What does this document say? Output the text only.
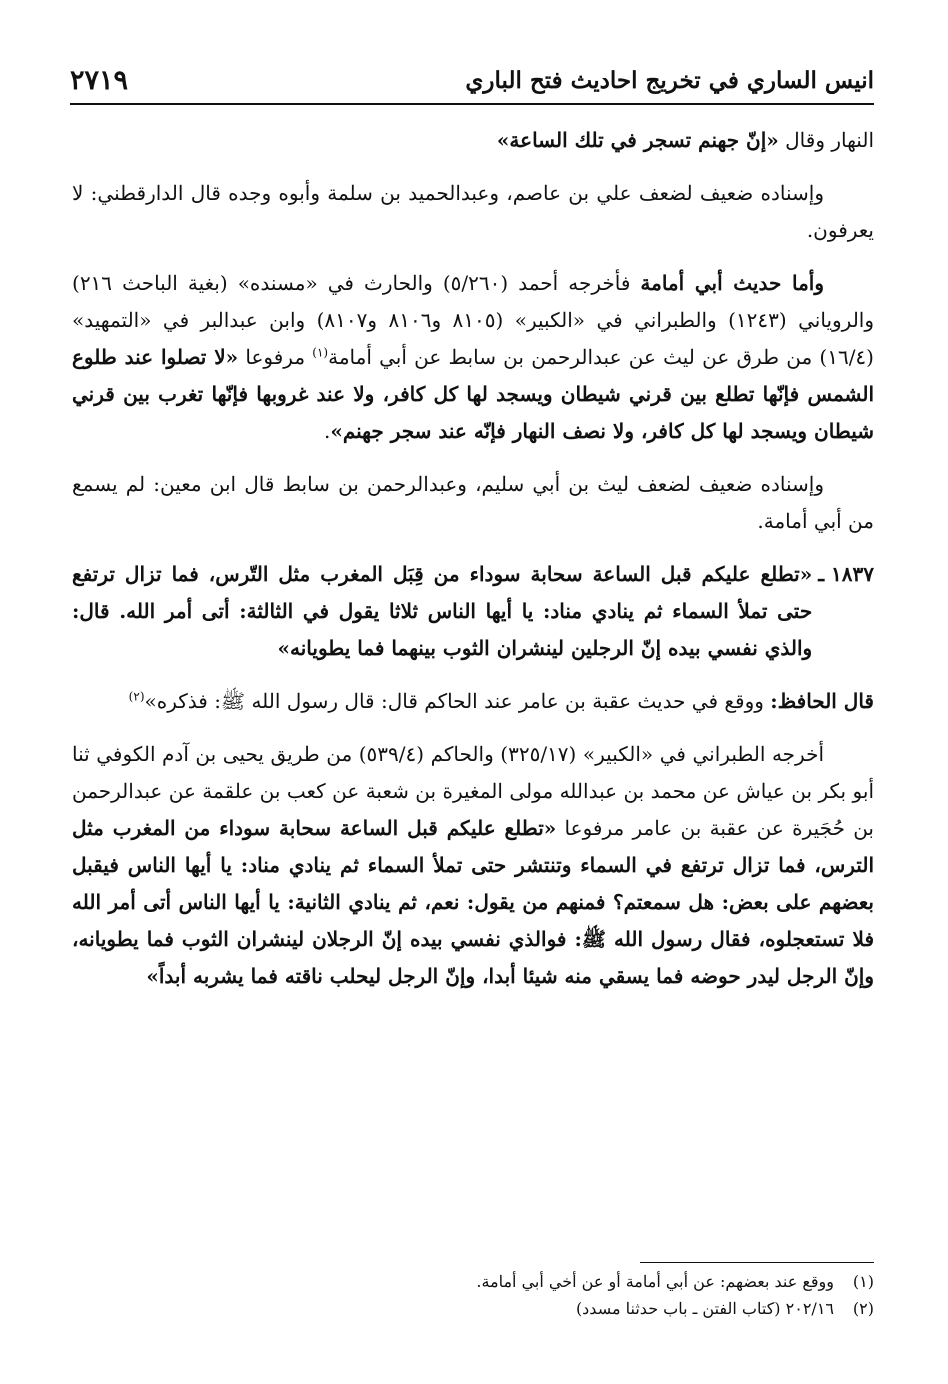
انيس الساري في تخريج احاديث فتح الباري
٢٧١٩

النهار وقال «إنّ جهنم تسجر في تلك الساعة»

وإسناده ضعيف لضعف علي بن عاصم، وعبدالحميد بن سلمة وأبوه وجده قال الدارقطني: لا يعرفون.

وأما حديث أبي أمامة فأخرجه أحمد (٥/٢٦٠) والحارث في «مسنده» (بغية الباحث ٢١٦) والروياني (١٢٤٣) والطبراني في «الكبير» (٨١٠٥ و٨١٠٦ و٨١٠٧) وابن عبدالبر في «التمهيد» (١٦/٤) من طرق عن ليث عن عبدالرحمن بن سابط عن أبي أمامة$^{(١)}$ مرفوعا «لا تصلوا عند طلوع الشمس فإنّها تطلع بين قرني شيطان ويسجد لها كل كافر، ولا عند غروبها فإنّها تغرب بين قرني شيطان ويسجد لها كل كافر، ولا نصف النهار فإنّه عند سجر جهنم».

وإسناده ضعيف لضعف ليث بن أبي سليم، وعبدالرحمن بن سابط قال ابن معين: لم يسمع من أبي أمامة.

١٨٣٧ ـ
«تطلع عليكم قبل الساعة سحابة سوداء من قِبَل المغرب مثل التّرس، فما تزال ترتفع حتى تملأ السماء ثم ينادي مناد: يا أيها الناس ثلاثا يقول في الثالثة: أتى أمر الله. قال: والذي نفسي بيده إنّ الرجلين لينشران الثوب بينهما فما يطويانه»

قال الحافظ: ووقع في حديث عقبة بن عامر عند الحاكم قال: قال رسول الله ﷺ: فذكره»$^{(٢)}$

أخرجه الطبراني في «الكبير» (٣٢٥/١٧) والحاكم (٥٣٩/٤) من طريق يحيى بن آدم الكوفي ثنا أبو بكر بن عياش عن محمد بن عبدالله مولى المغيرة بن شعبة عن كعب بن علقمة عن عبدالرحمن بن حُجَيرة عن عقبة بن عامر مرفوعا «تطلع عليكم قبل الساعة سحابة سوداء من المغرب مثل الترس، فما تزال ترتفع في السماء وتنتشر حتى تملأ السماء ثم ينادي مناد: يا أيها الناس فيقبل بعضهم على بعض: هل سمعتم؟ فمنهم من يقول: نعم، ثم ينادي الثانية: يا أيها الناس أتى أمر الله فلا تستعجلوه، فقال رسول الله ﷺ: فوالذي نفسي بيده إنّ الرجلان لينشران الثوب فما يطويانه، وإنّ الرجل ليدر حوضه فما يسقي منه شيئا أبدا، وإنّ الرجل ليحلب ناقته فما يشربه أبداً»

(١)
ووقع عند بعضهم: عن أبي أمامة أو عن أخي أبي أمامة.
(٢)
٢٠٢/١٦ (كتاب الفتن ـ باب حدثنا مسدد)
